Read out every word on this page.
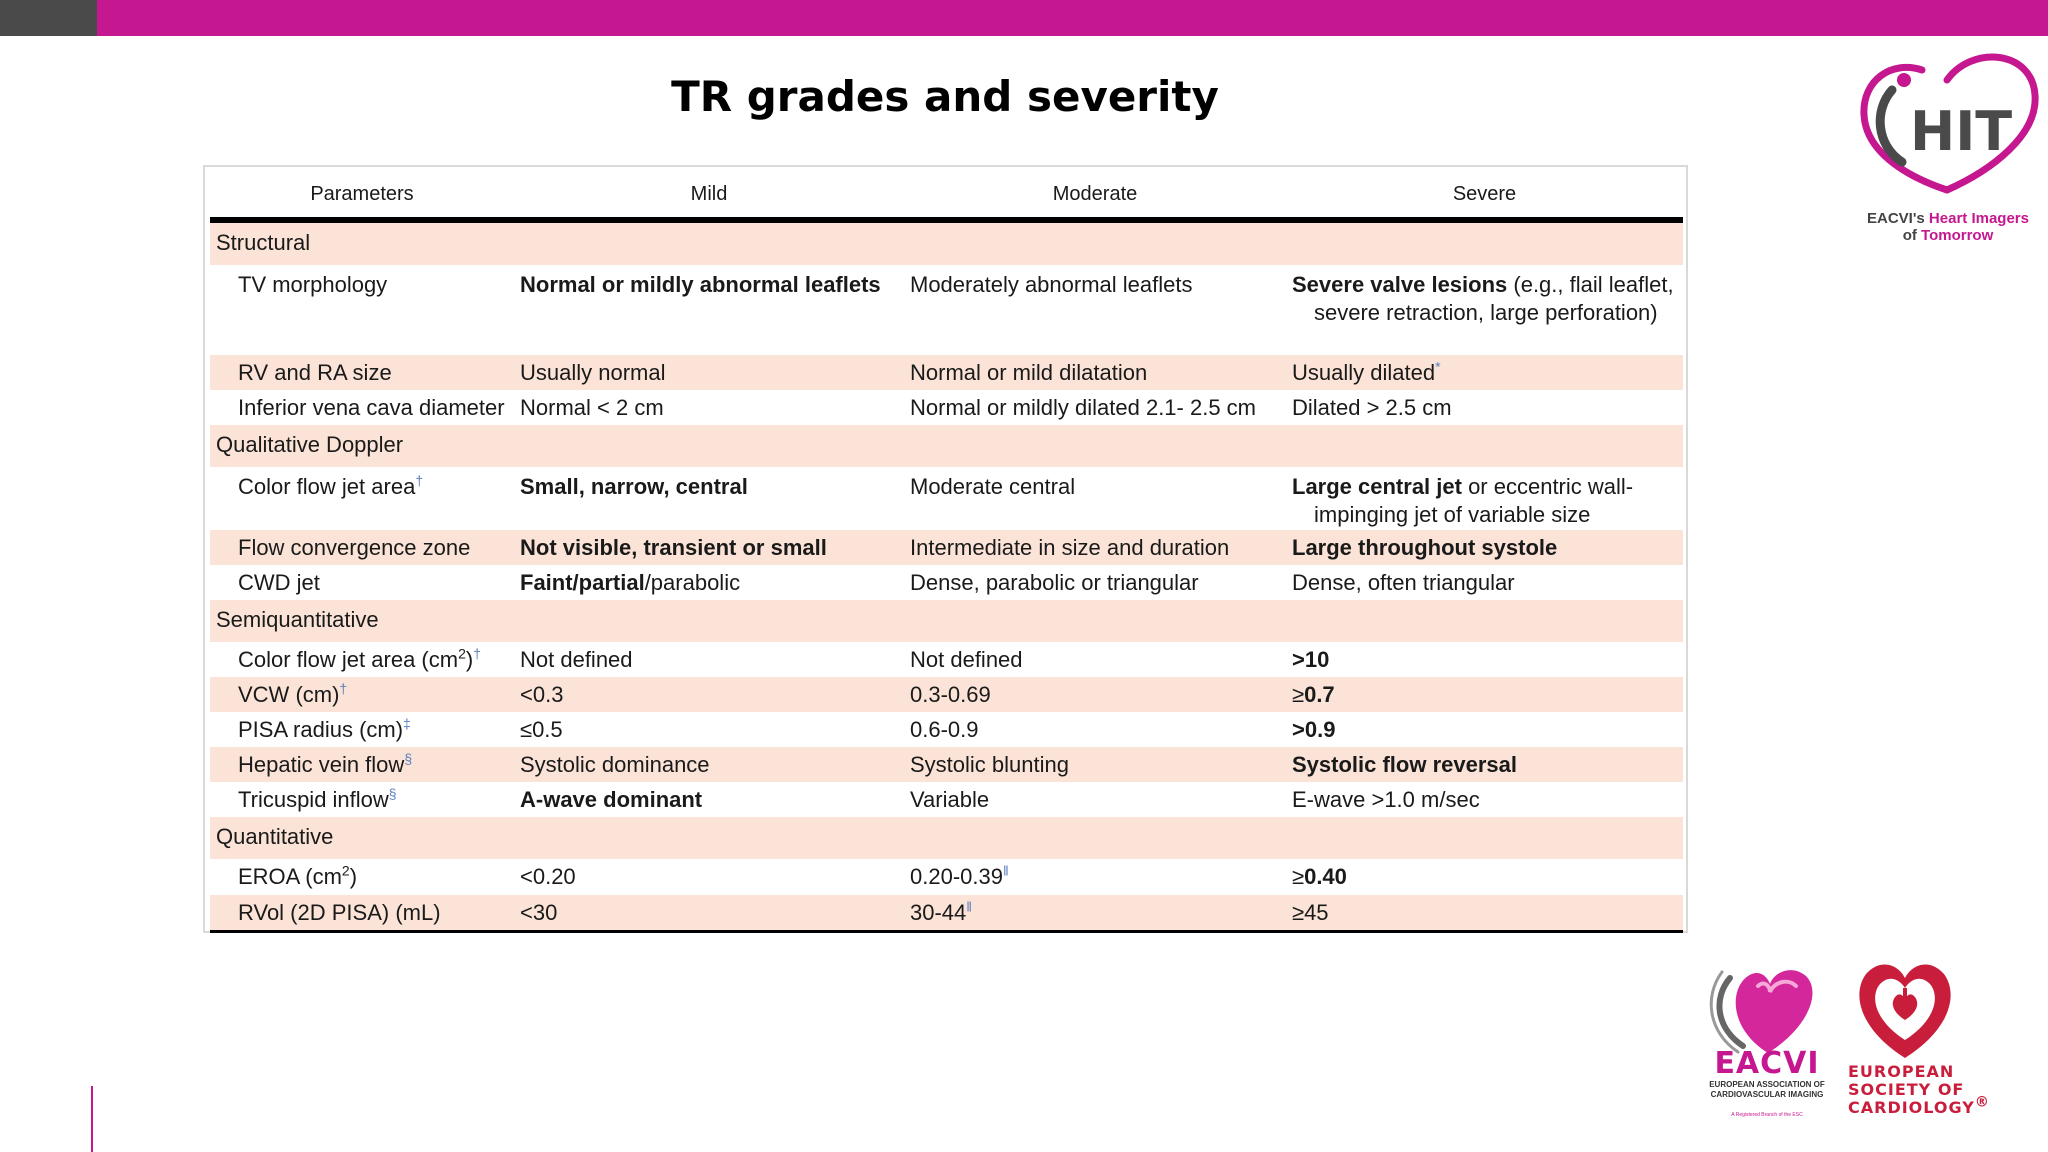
TR grades and severity
Parameters	Mild	Moderate	Severe
Structural			
TV morphology	Normal or mildly abnormal leaflets	Moderately abnormal leaflets	Severe valve lesions (e.g., flail leaflet, severe retraction, large perforation)

RV and RA size	Usually normal	Normal or mild dilatation	Usually dilated*
Inferior vena cava diameter	Normal < 2 cm	Normal or mildly dilated 2.1- 2.5 cm	Dilated > 2.5 cm
Qualitative Doppler			
Color flow jet area†	Small, narrow, central	Moderate central	Large central jet or eccentric wall-impinging jet of variable size

Flow convergence zone	Not visible, transient or small	Intermediate in size and duration	Large throughout systole
CWD jet	Faint/partial/parabolic	Dense, parabolic or triangular	Dense, often triangular
Semiquantitative			
Color flow jet area $(cm^2)^\dagger$	Not defined	Not defined	>10
VCW (cm)†	<0.3	0.3-0.69	≥0.7
PISA radius (cm)‡	≤0.5	0.6-0.9	>0.9
Hepatic vein flow§	Systolic dominance	Systolic blunting	Systolic flow reversal
Tricuspid inflow§	A-wave dominant	Variable	E-wave >1.0 m/sec
Quantitative			
EROA $(cm^2)$	<0.20	0.20-0.39‖	≥0.40
RVol (2D PISA) (mL)	<30	30-44‖	≥45
HIT
EACVI's Heart Imagers
of Tomorrow
EACVI
EUROPEAN ASSOCIATION OF CARDIOVASCULAR IMAGING
A Registered Branch of the ESC
EUROPEAN
SOCIETY OF
CARDIOLOGY®
